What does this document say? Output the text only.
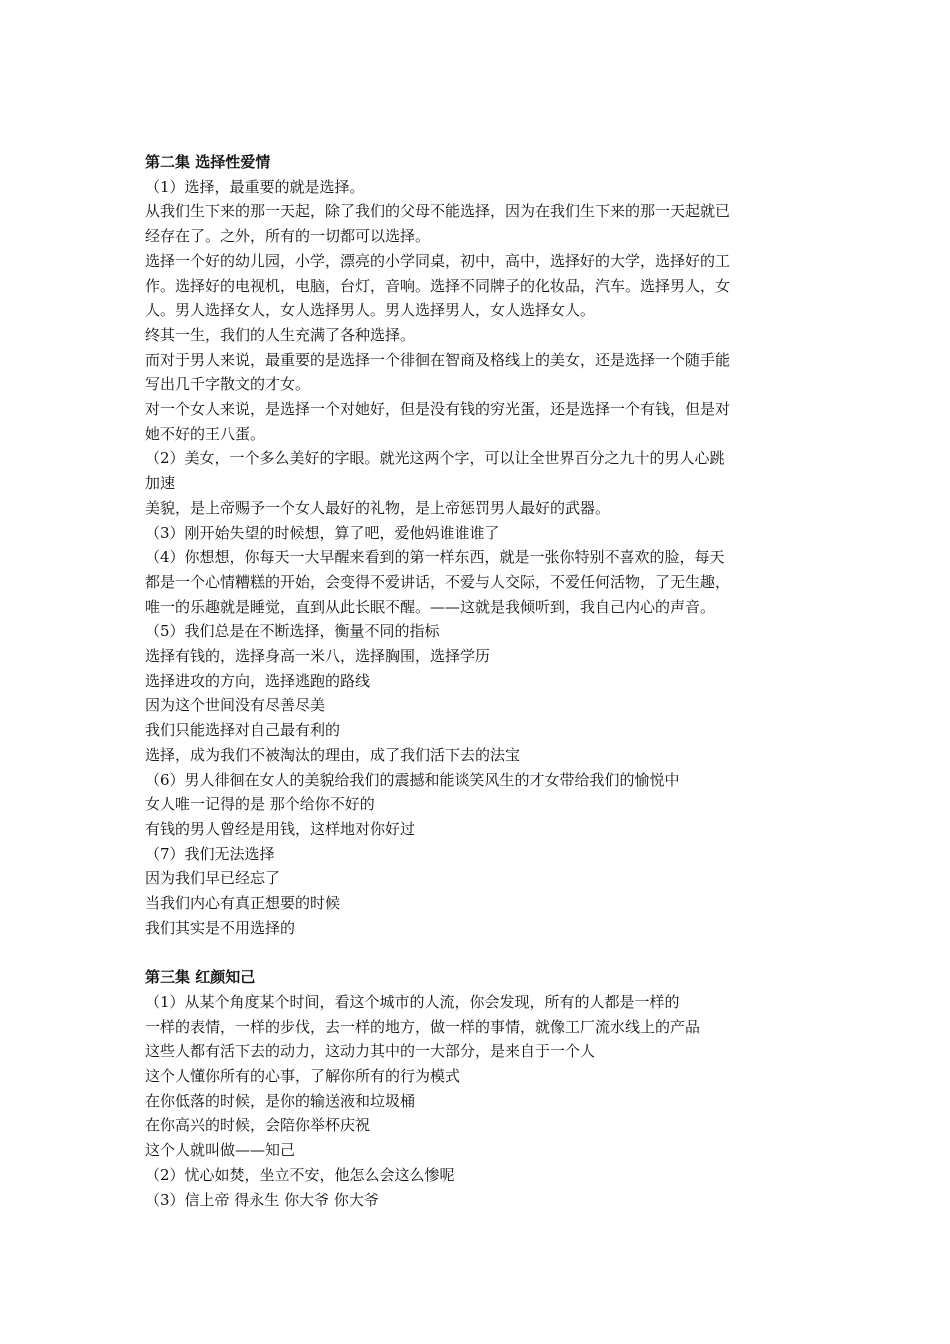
第二集 选择性爱情

（1）选择，最重要的就是选择。

从我们生下来的那一天起，除了我们的父母不能选择，因为在我们生下来的那一天起就已

经存在了。之外，所有的一切都可以选择。

选择一个好的幼儿园，小学，漂亮的小学同桌，初中，高中，选择好的大学，选择好的工

作。选择好的电视机，电脑，台灯，音响。选择不同牌子的化妆品，汽车。选择男人，女

人。男人选择女人，女人选择男人。男人选择男人，女人选择女人。

终其一生，我们的人生充满了各种选择。

而对于男人来说，最重要的是选择一个徘徊在智商及格线上的美女，还是选择一个随手能

写出几千字散文的才女。

对一个女人来说，是选择一个对她好，但是没有钱的穷光蛋，还是选择一个有钱，但是对

她不好的王八蛋。

（2）美女，一个多么美好的字眼。就光这两个字，可以让全世界百分之九十的男人心跳

加速

美貌，是上帝赐予一个女人最好的礼物，是上帝惩罚男人最好的武器。

（3）刚开始失望的时候想，算了吧，爱他妈谁谁谁了

（4）你想想，你每天一大早醒来看到的第一样东西，就是一张你特别不喜欢的脸，每天

都是一个心情糟糕的开始，会变得不爱讲话，不爱与人交际，不爱任何活物，了无生趣，

唯一的乐趣就是睡觉，直到从此长眠不醒。——这就是我倾听到，我自己内心的声音。

（5）我们总是在不断选择，衡量不同的指标

选择有钱的，选择身高一米八，选择胸围，选择学历

选择进攻的方向，选择逃跑的路线

因为这个世间没有尽善尽美

我们只能选择对自己最有利的

选择，成为我们不被淘汰的理由，成了我们活下去的法宝

（6）男人徘徊在女人的美貌给我们的震撼和能谈笑风生的才女带给我们的愉悦中

女人唯一记得的是 那个给你不好的

有钱的男人曾经是用钱，这样地对你好过

（7）我们无法选择

因为我们早已经忘了

当我们内心有真正想要的时候

我们其实是不用选择的

第三集 红颜知己

（1）从某个角度某个时间，看这个城市的人流，你会发现，所有的人都是一样的

一样的表情，一样的步伐，去一样的地方，做一样的事情，就像工厂流水线上的产品

这些人都有活下去的动力，这动力其中的一大部分，是来自于一个人

这个人懂你所有的心事，了解你所有的行为模式

在你低落的时候，是你的输送液和垃圾桶

在你高兴的时候，会陪你举杯庆祝

这个人就叫做——知己

（2）忧心如焚，坐立不安，他怎么会这么惨呢

（3）信上帝 得永生 你大爷 你大爷
